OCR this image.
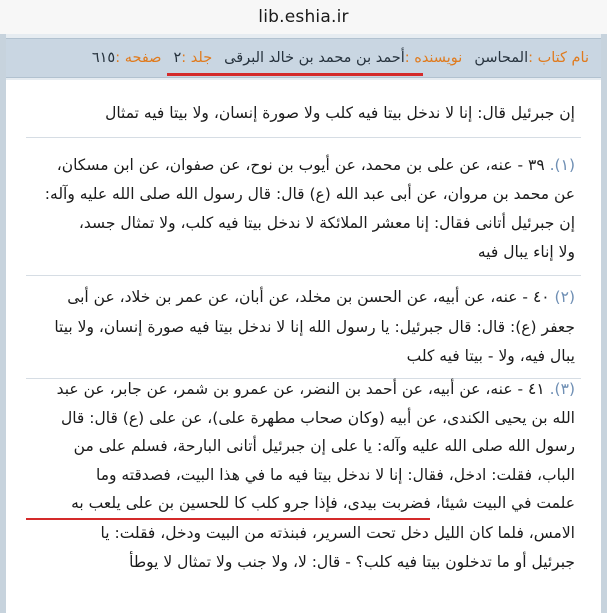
lib.eshia.ir
نام کتاب :
المحاسن
نویسنده :
أحمد بن محمد بن خالد البرقی
جلد :
۲
صفحه :
٦١٥
إن جبرئيل قال: إنا لا ندخل بيتا فيه كلب ولا صورة إنسان، ولا بيتا فيه تمثال
(١). ٣٩ - عنه، عن على بن محمد، عن أيوب بن نوح، عن صفوان، عن ابن مسكان،
عن محمد بن مروان، عن أبى عبد الله (ع) قال: قال رسول الله صلى الله عليه وآله:
إن جبرئيل أتانى فقال: إنا معشر الملائكة لا ندخل بيتا فيه كلب، ولا تمثال جسد،
ولا إناء يبال فيه
(٢) ٤٠ - عنه، عن أبيه، عن الحسن بن مخلد، عن أبان، عن عمر بن خلاد، عن أبى
جعفر (ع): قال: قال جبرئيل: يا رسول الله إنا لا ندخل بيتا فيه صورة إنسان، ولا بيتا
يبال فيه، ولا - بيتا فيه كلب
(٣). ٤١ - عنه، عن أبيه، عن أحمد بن النضر، عن عمرو بن شمر، عن جابر، عن عبد
الله بن يحيى الكندى، عن أبيه (وكان صحاب مطهرة على)، عن على (ع) قال: قال
رسول الله صلى الله عليه وآله: يا على إن جبرئيل أتانى البارحة، فسلم على من
الباب، فقلت: ادخل، فقال: إنا لا ندخل بيتا فيه ما في هذا البيت، فصدقته وما
علمت في البيت شيئا، فضربت بيدى، فإذا جرو كلب كا للحسين بن على يلعب به
الامس، فلما كان الليل دخل تحت السرير، فبنذته من البيت ودخل، فقلت: يا
جبرئيل أو ما تدخلون بيتا فيه كلب؟ - قال: لا، ولا جنب ولا تمثال لا يوطأ
